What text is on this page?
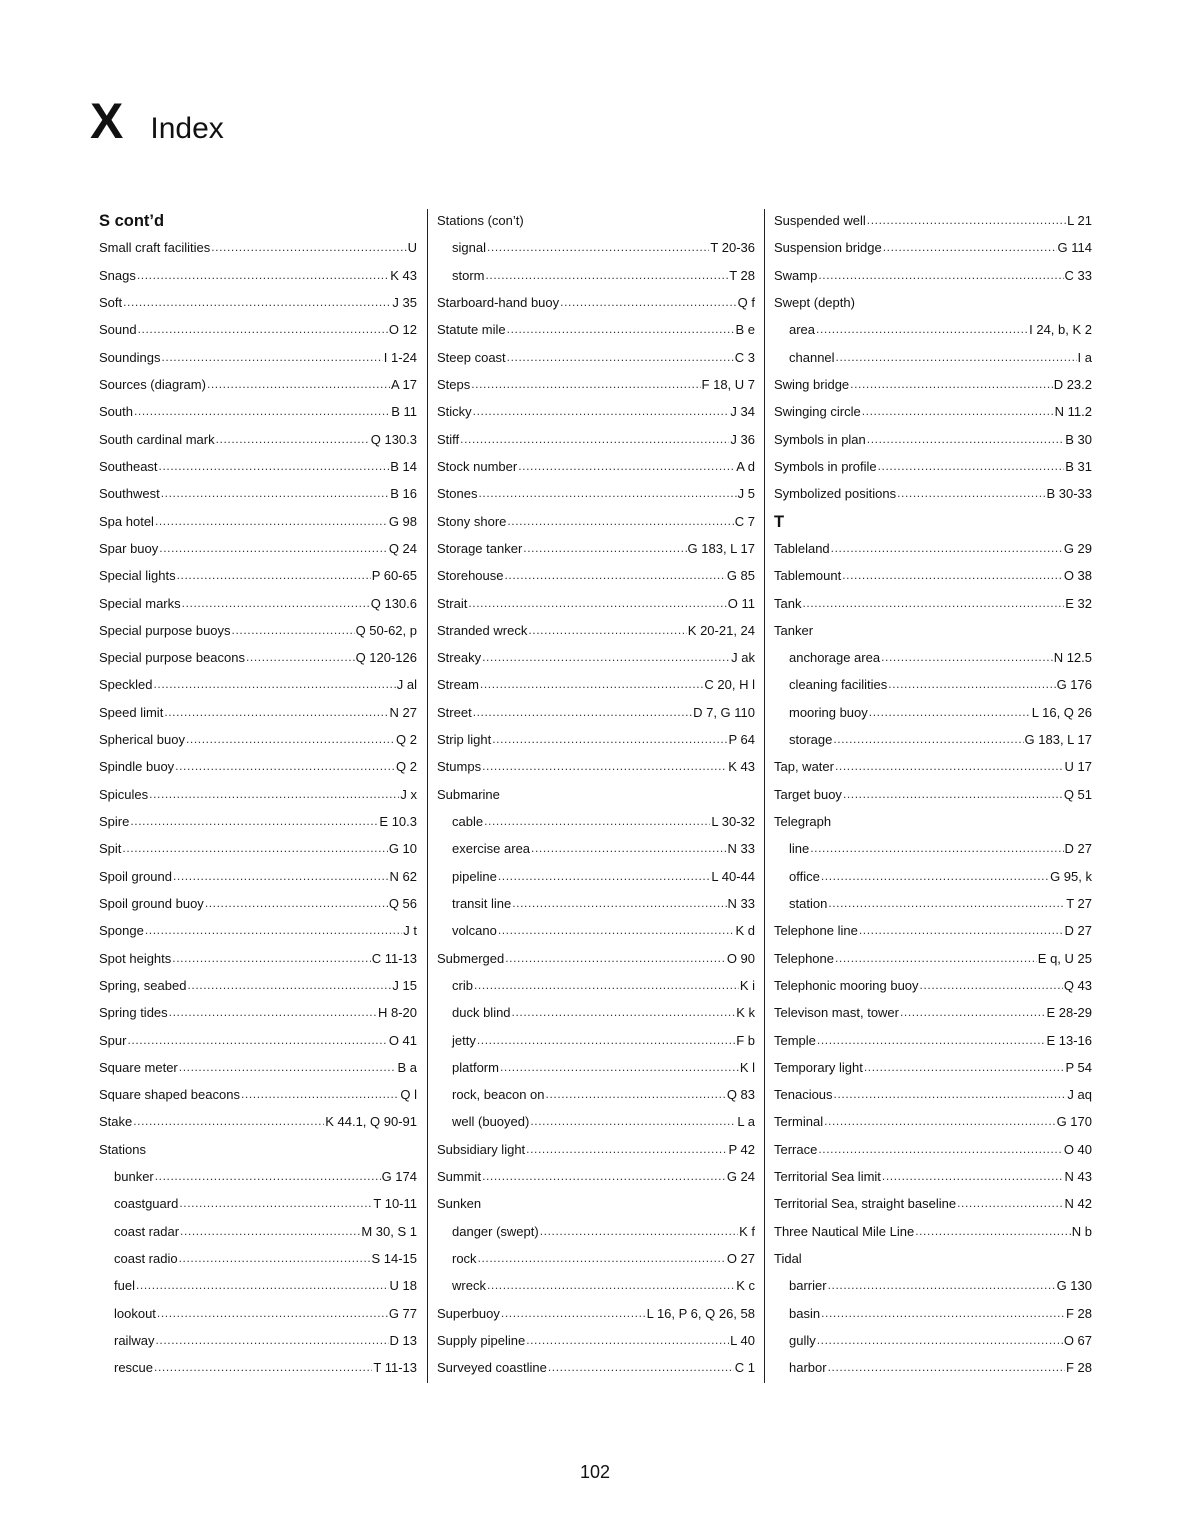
X Index
S cont’d
Small craft facilities .....	U
Snags .....	K 43
Soft .....	J 35
Sound .....	O 12
Soundings .....	I 1-24
Sources (diagram) .....	A 17
South .....	B 11
South cardinal mark .....	Q 130.3
Southeast .....	B 14
Southwest .....	B 16
Spa hotel .....	G 98
Spar buoy .....	Q 24
Special lights .....	P 60-65
Special marks .....	Q 130.6
Special purpose buoys .....	Q 50-62, p
Special purpose beacons .....	Q 120-126
Speckled .....	J al
Speed limit .....	N 27
Spherical buoy .....	Q 2
Spindle buoy .....	Q 2
Spicules .....	J x
Spire .....	E 10.3
Spit .....	G 10
Spoil ground .....	N 62
Spoil ground buoy .....	Q 56
Sponge .....	J t
Spot heights .....	C 11-13
Spring, seabed .....	J 15
Spring tides .....	H 8-20
Spur .....	O 41
Square meter .....	B a
Square shaped beacons .....	Q l
Stake .....	K 44.1, Q 90-91
Stations
bunker .....	G 174
coastguard .....	T 10-11
coast radar .....	M 30, S 1
coast radio .....	S 14-15
fuel .....	U 18
lookout .....	G 77
railway .....	D 13
rescue .....	T 11-13
Stations (con’t)
signal .....	T 20-36
storm .....	T 28
Starboard-hand buoy .....	Q f
Statute mile .....	B e
Steep coast .....	C 3
Steps .....	F 18, U 7
Sticky .....	J 34
Stiff .....	J 36
Stock number .....	A d
Stones .....	J 5
Stony shore .....	C 7
Storage tanker .....	G 183, L 17
Storehouse .....	G 85
Strait .....	O 11
Stranded wreck .....	K 20-21, 24
Streaky .....	J ak
Stream .....	C 20, H l
Street .....	D 7, G 110
Strip light .....	P 64
Stumps .....	K 43
Submarine
cable .....	L 30-32
exercise area .....	N 33
pipeline .....	L 40-44
transit line .....	N 33
volcano .....	K d
Submerged .....	O 90
crib .....	K i
duck blind .....	K k
jetty .....	F b
platform .....	K l
rock, beacon on .....	Q 83
well (buoyed) .....	L a
Subsidiary light .....	P 42
Summit .....	G 24
Sunken
danger (swept) .....	K f
rock .....	O 27
wreck .....	K c
Superbuoy .....	L 16, P 6, Q 26, 58
Supply pipeline .....	L 40
Surveyed coastline .....	C 1
Suspended well .....	L 21
Suspension bridge .....	G 114
Swamp .....	C 33
Swept (depth)
area .....	I 24, b, K 2
channel .....	I a
Swing bridge .....	D 23.2
Swinging circle .....	N 11.2
Symbols in plan .....	B 30
Symbols in profile .....	B 31
Symbolized positions .....	B 30-33
T
Tableland .....	G 29
Tablemount .....	O 38
Tank .....	E 32
Tanker
anchorage area .....	N 12.5
cleaning facilities .....	G 176
mooring buoy .....	L 16, Q 26
storage .....	G 183, L 17
Tap, water .....	U 17
Target buoy .....	Q 51
Telegraph
line .....	D 27
office .....	G 95, k
station .....	T 27
Telephone line .....	D 27
Telephone .....	E q, U 25
Telephonic mooring buoy .....	Q 43
Televison mast, tower .....	E 28-29
Temple .....	E 13-16
Temporary light .....	P 54
Tenacious .....	J aq
Terminal .....	G 170
Terrace .....	O 40
Territorial Sea limit .....	N 43
Territorial Sea, straight baseline .....	N 42
Three Nautical Mile Line .....	N b
Tidal
barrier .....	G 130
basin .....	F 28
gully .....	O 67
harbor .....	F 28
102
